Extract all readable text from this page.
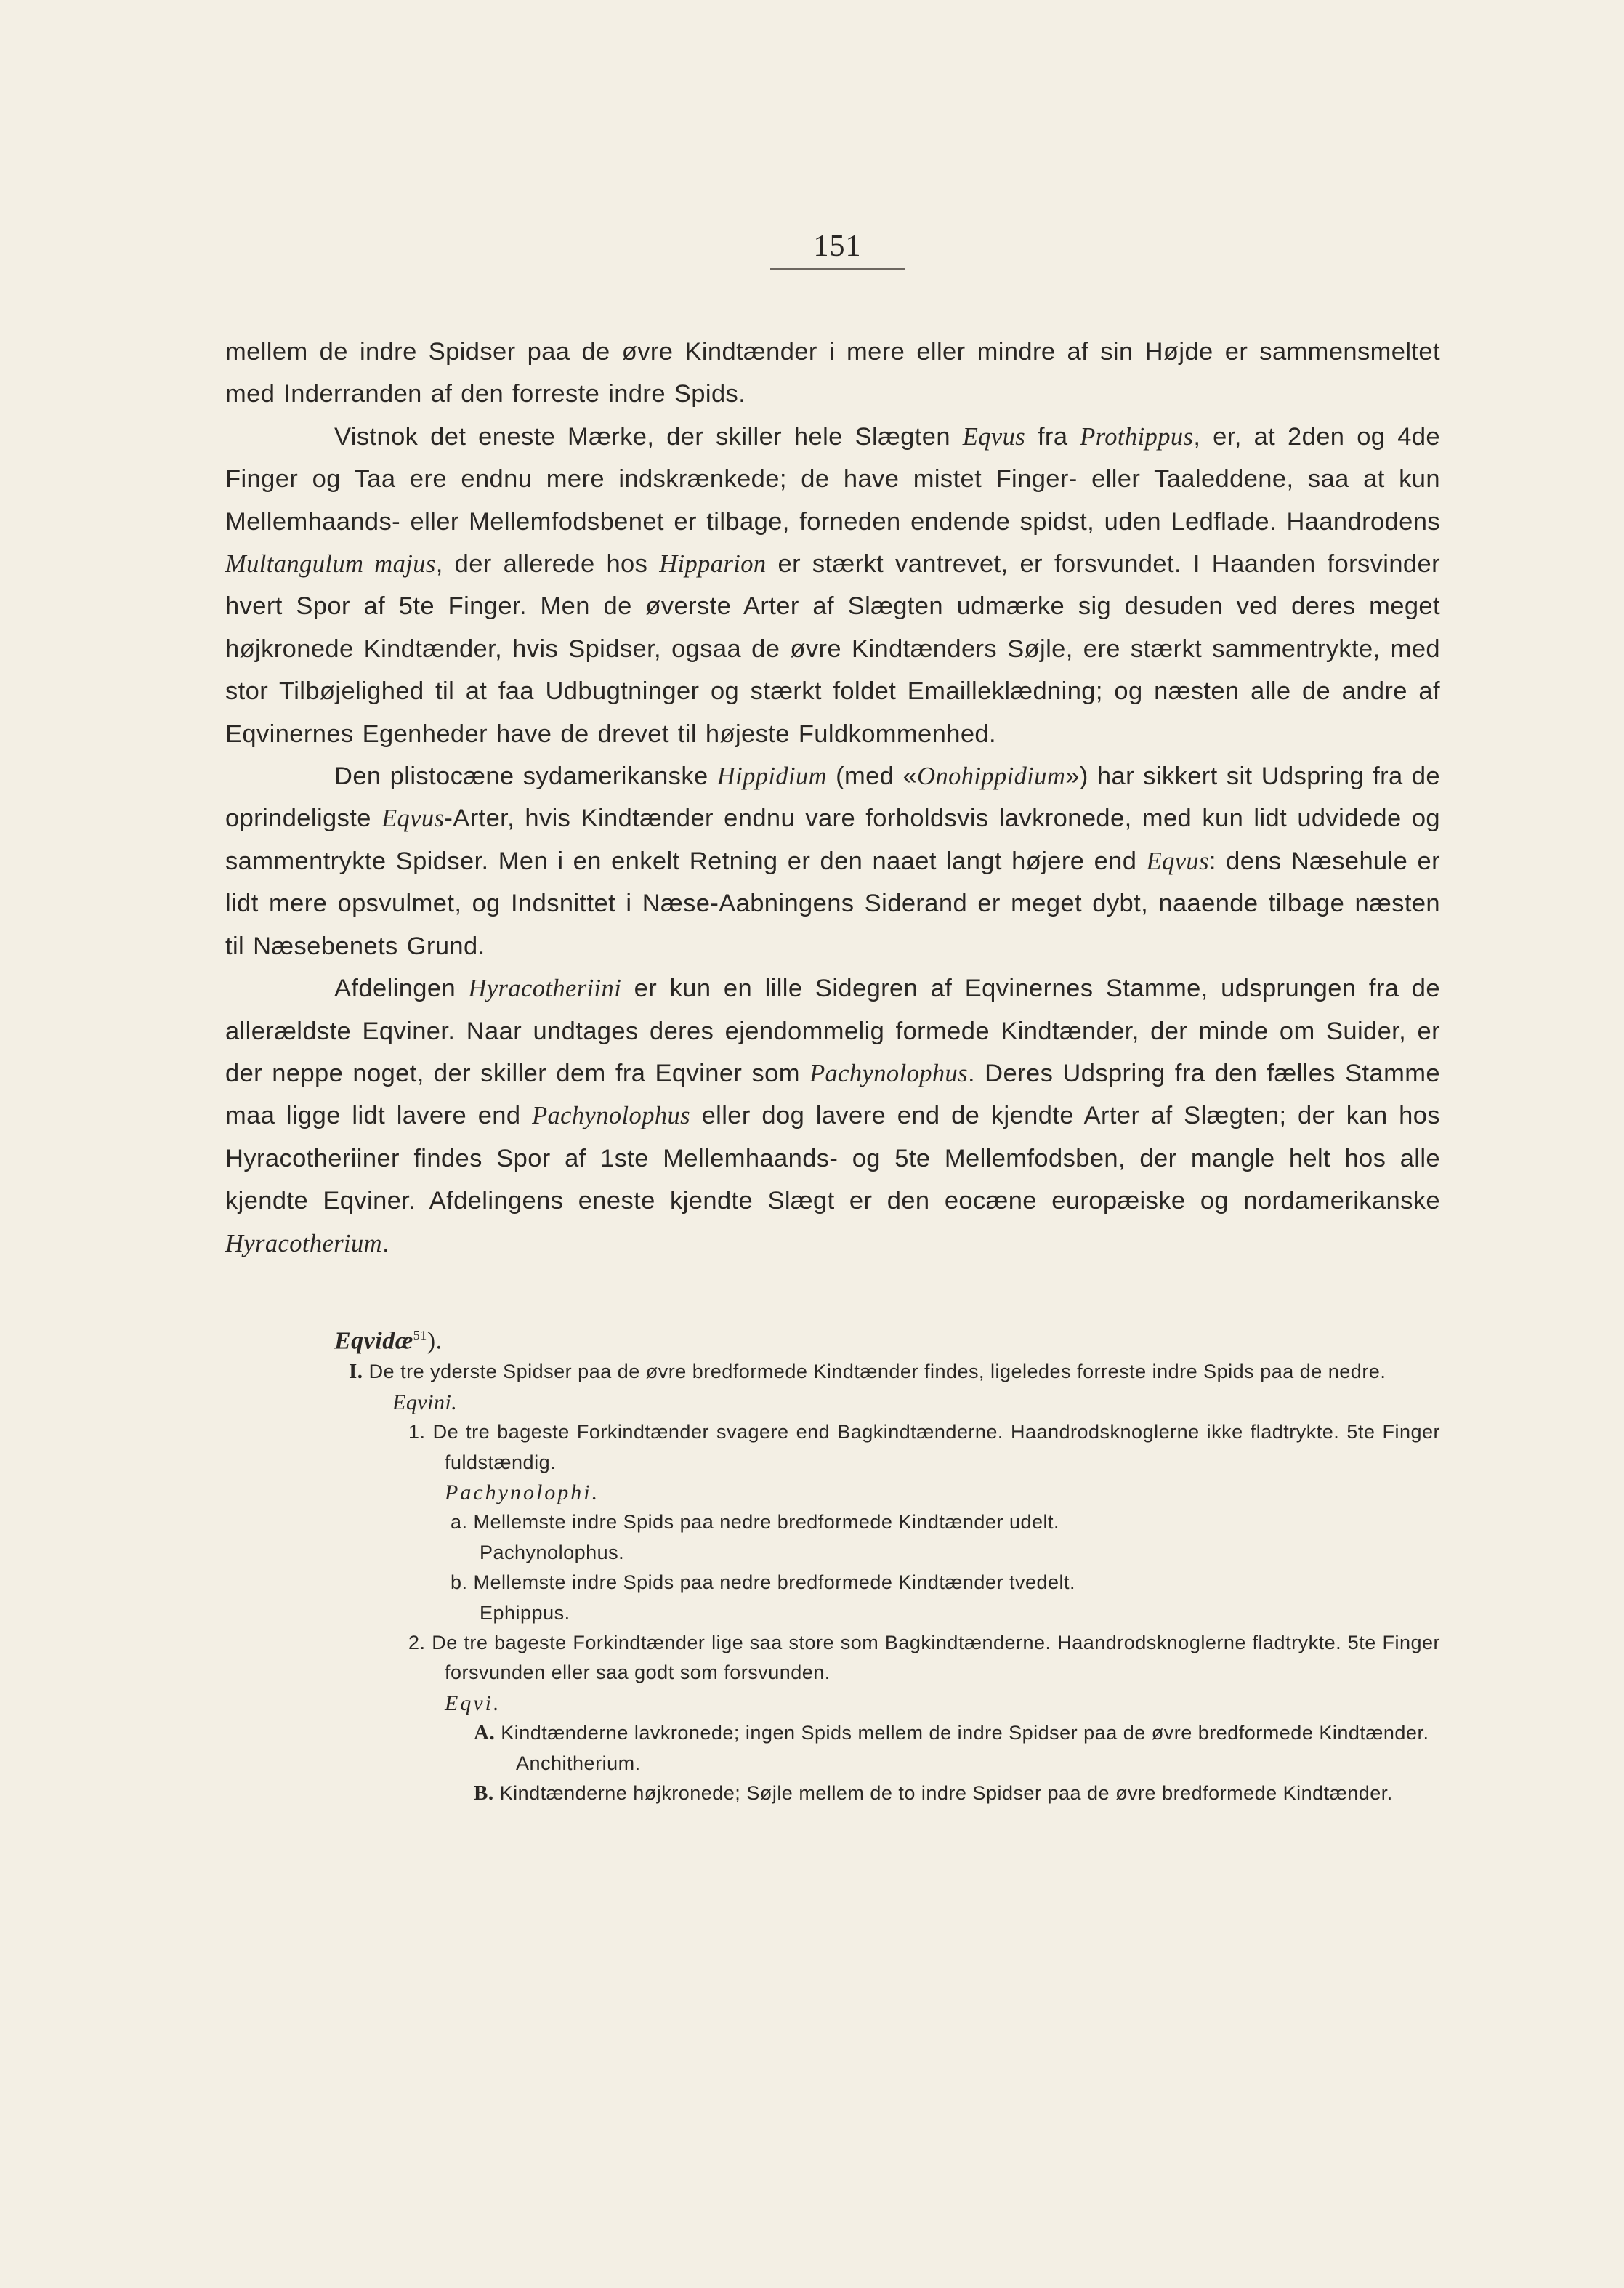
151

mellem de indre Spidser paa de øvre Kindtænder i mere eller mindre af sin Højde er sammensmeltet med Inderranden af den forreste indre Spids.

Vistnok det eneste Mærke, der skiller hele Slægten Eqvus fra Prothippus, er, at 2den og 4de Finger og Taa ere endnu mere indskrænkede; de have mistet Finger- eller Taaleddene, saa at kun Mellemhaands- eller Mellemfodsbenet er tilbage, forneden endende spidst, uden Ledflade. Haandrodens Multangulum majus, der allerede hos Hipparion er stærkt vantrevet, er forsvundet. I Haanden forsvinder hvert Spor af 5te Finger. Men de øverste Arter af Slægten udmærke sig desuden ved deres meget højkronede Kindtænder, hvis Spidser, ogsaa de øvre Kindtænders Søjle, ere stærkt sammentrykte, med stor Tilbøjelighed til at faa Udbugtninger og stærkt foldet Emailleklædning; og næsten alle de andre af Eqvinernes Egenheder have de drevet til højeste Fuldkommenhed.

Den plistocæne sydamerikanske Hippidium (med «Onohippidium») har sikkert sit Udspring fra de oprindeligste Eqvus-Arter, hvis Kindtænder endnu vare forholdsvis lavkronede, med kun lidt udvidede og sammentrykte Spidser. Men i en enkelt Retning er den naaet langt højere end Eqvus: dens Næsehule er lidt mere opsvulmet, og Indsnittet i Næse-Aabningens Siderand er meget dybt, naaende tilbage næsten til Næsebenets Grund.

Afdelingen Hyracotheriini er kun en lille Sidegren af Eqvinernes Stamme, udsprungen fra de allerældste Eqviner. Naar undtages deres ejendommelig formede Kindtænder, der minde om Suider, er der neppe noget, der skiller dem fra Eqviner som Pachynolophus. Deres Udspring fra den fælles Stamme maa ligge lidt lavere end Pachynolophus eller dog lavere end de kjendte Arter af Slægten; der kan hos Hyracotheriiner findes Spor af 1ste Mellemhaands- og 5te Mellemfodsben, der mangle helt hos alle kjendte Eqviner. Afdelingens eneste kjendte Slægt er den eocæne europæiske og nordamerikanske Hyracotherium.

Eqvidæ$^{51}$).
I. De tre yderste Spidser paa de øvre bredformede Kindtænder findes, ligeledes forreste indre Spids paa de nedre.
Eqvini.
1. De tre bageste Forkindtænder svagere end Bagkindtænderne. Haandrodsknoglerne ikke fladtrykte. 5te Finger fuldstændig.
Pachynolophi.
a. Mellemste indre Spids paa nedre bredformede Kindtænder udelt.
Pachynolophus.
b. Mellemste indre Spids paa nedre bredformede Kindtænder tvedelt.
Ephippus.
2. De tre bageste Forkindtænder lige saa store som Bagkindtænderne. Haandrodsknoglerne fladtrykte. 5te Finger forsvunden eller saa godt som forsvunden.
Eqvi.
A. Kindtænderne lavkronede; ingen Spids mellem de indre Spidser paa de øvre bredformede Kindtænder.
Anchitherium.
B. Kindtænderne højkronede; Søjle mellem de to indre Spidser paa de øvre bredformede Kindtænder.
